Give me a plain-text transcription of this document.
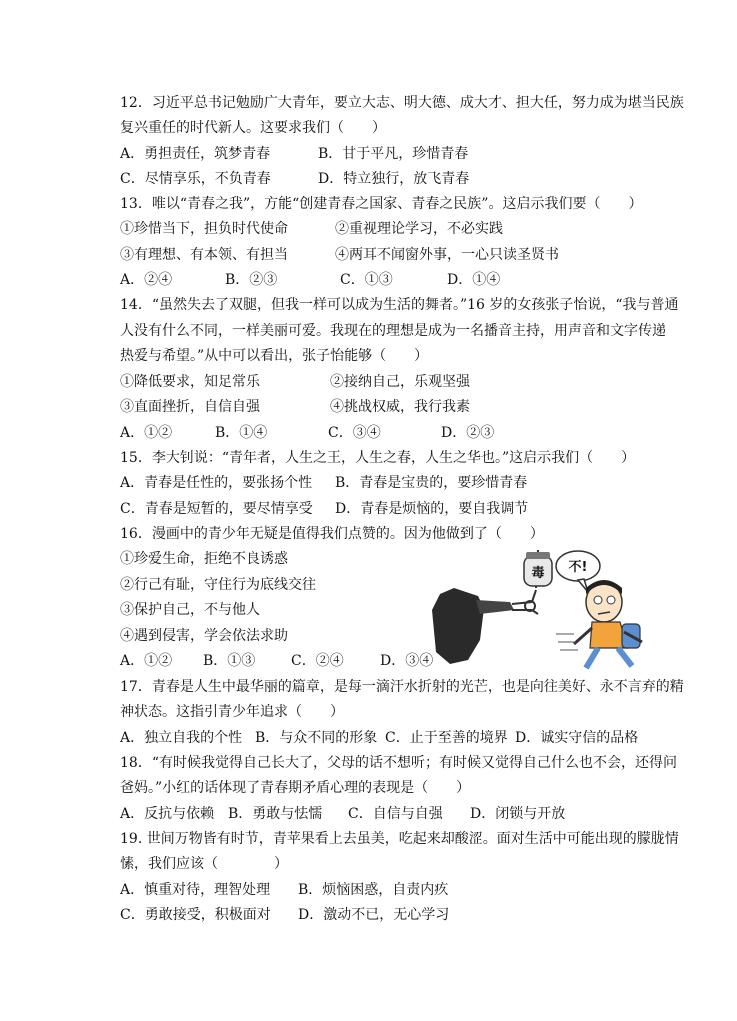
12．习近平总书记勉励广大青年，要立大志、明大德、成大才、担大任，努力成为堪当民族
复兴重任的时代新人。这要求我们（　　）
A．勇担责任，筑梦青春	B．甘于平凡，珍惜青春
C．尽情享乐，不负青春	D．特立独行，放飞青春
13．唯以“青春之我”，方能“创建青春之国家、青春之民族”。这启示我们要（　　）
①珍惜当下，担负时代使命	②重视理论学习，不必实践
③有理想、有本领、有担当	④两耳不闻窗外事，一心只读圣贤书
A．②④	B．②③	C．①③	D．①④
14．“虽然失去了双腿，但我一样可以成为生活的舞者。”16 岁的女孩张子怡说，“我与普通
人没有什么不同，一样美丽可爱。我现在的理想是成为一名播音主持，用声音和文字传递
热爱与希望。”从中可以看出，张子怡能够（　　）
①降低要求，知足常乐	②接纳自己，乐观坚强
③直面挫折，自信自强	④挑战权威，我行我素
A．①②	B．①④	C．③④	D．②③
15．李大钊说：“青年者，人生之王，人生之春，人生之华也。”这启示我们（　　）
A．青春是任性的，要张扬个性 B．青春是宝贵的，要珍惜青春
C．青春是短暂的，要尽情享受 D．青春是烦恼的，要自我调节
16．漫画中的青少年无疑是值得我们点赞的。因为他做到了（　　）
①珍爱生命，拒绝不良诱惑
②行己有耻，守住行为底线交往
③保护自己，不与他人
④遇到侵害，学会依法求助
A．①② B．①③	C．②④	D．③④
毒 不!
17．青春是人生中最华丽的篇章，是每一滴汗水折射的光芒，也是向往美好、永不言弃的精
神状态。这指引青少年追求（　　）
A．独立自我的个性 B．与众不同的形象 C．止于至善的境界 D．诚实守信的品格
18．“有时候我觉得自己长大了，父母的话不想听；有时候又觉得自己什么也不会，还得问
爸妈。”小红的话体现了青春期矛盾心理的表现是（　　）
A．反抗与依赖 B．勇敢与怯懦 C．自信与自强 D．闭锁与开放
19. 世间万物皆有时节，青苹果看上去虽美，吃起来却酸涩。面对生活中可能出现的朦胧情
愫，我们应该（　　　　）
A．慎重对待，理智处理 B．烦恼困惑，自责内疚
C．勇敢接受，积极面对 D．激动不已，无心学习
